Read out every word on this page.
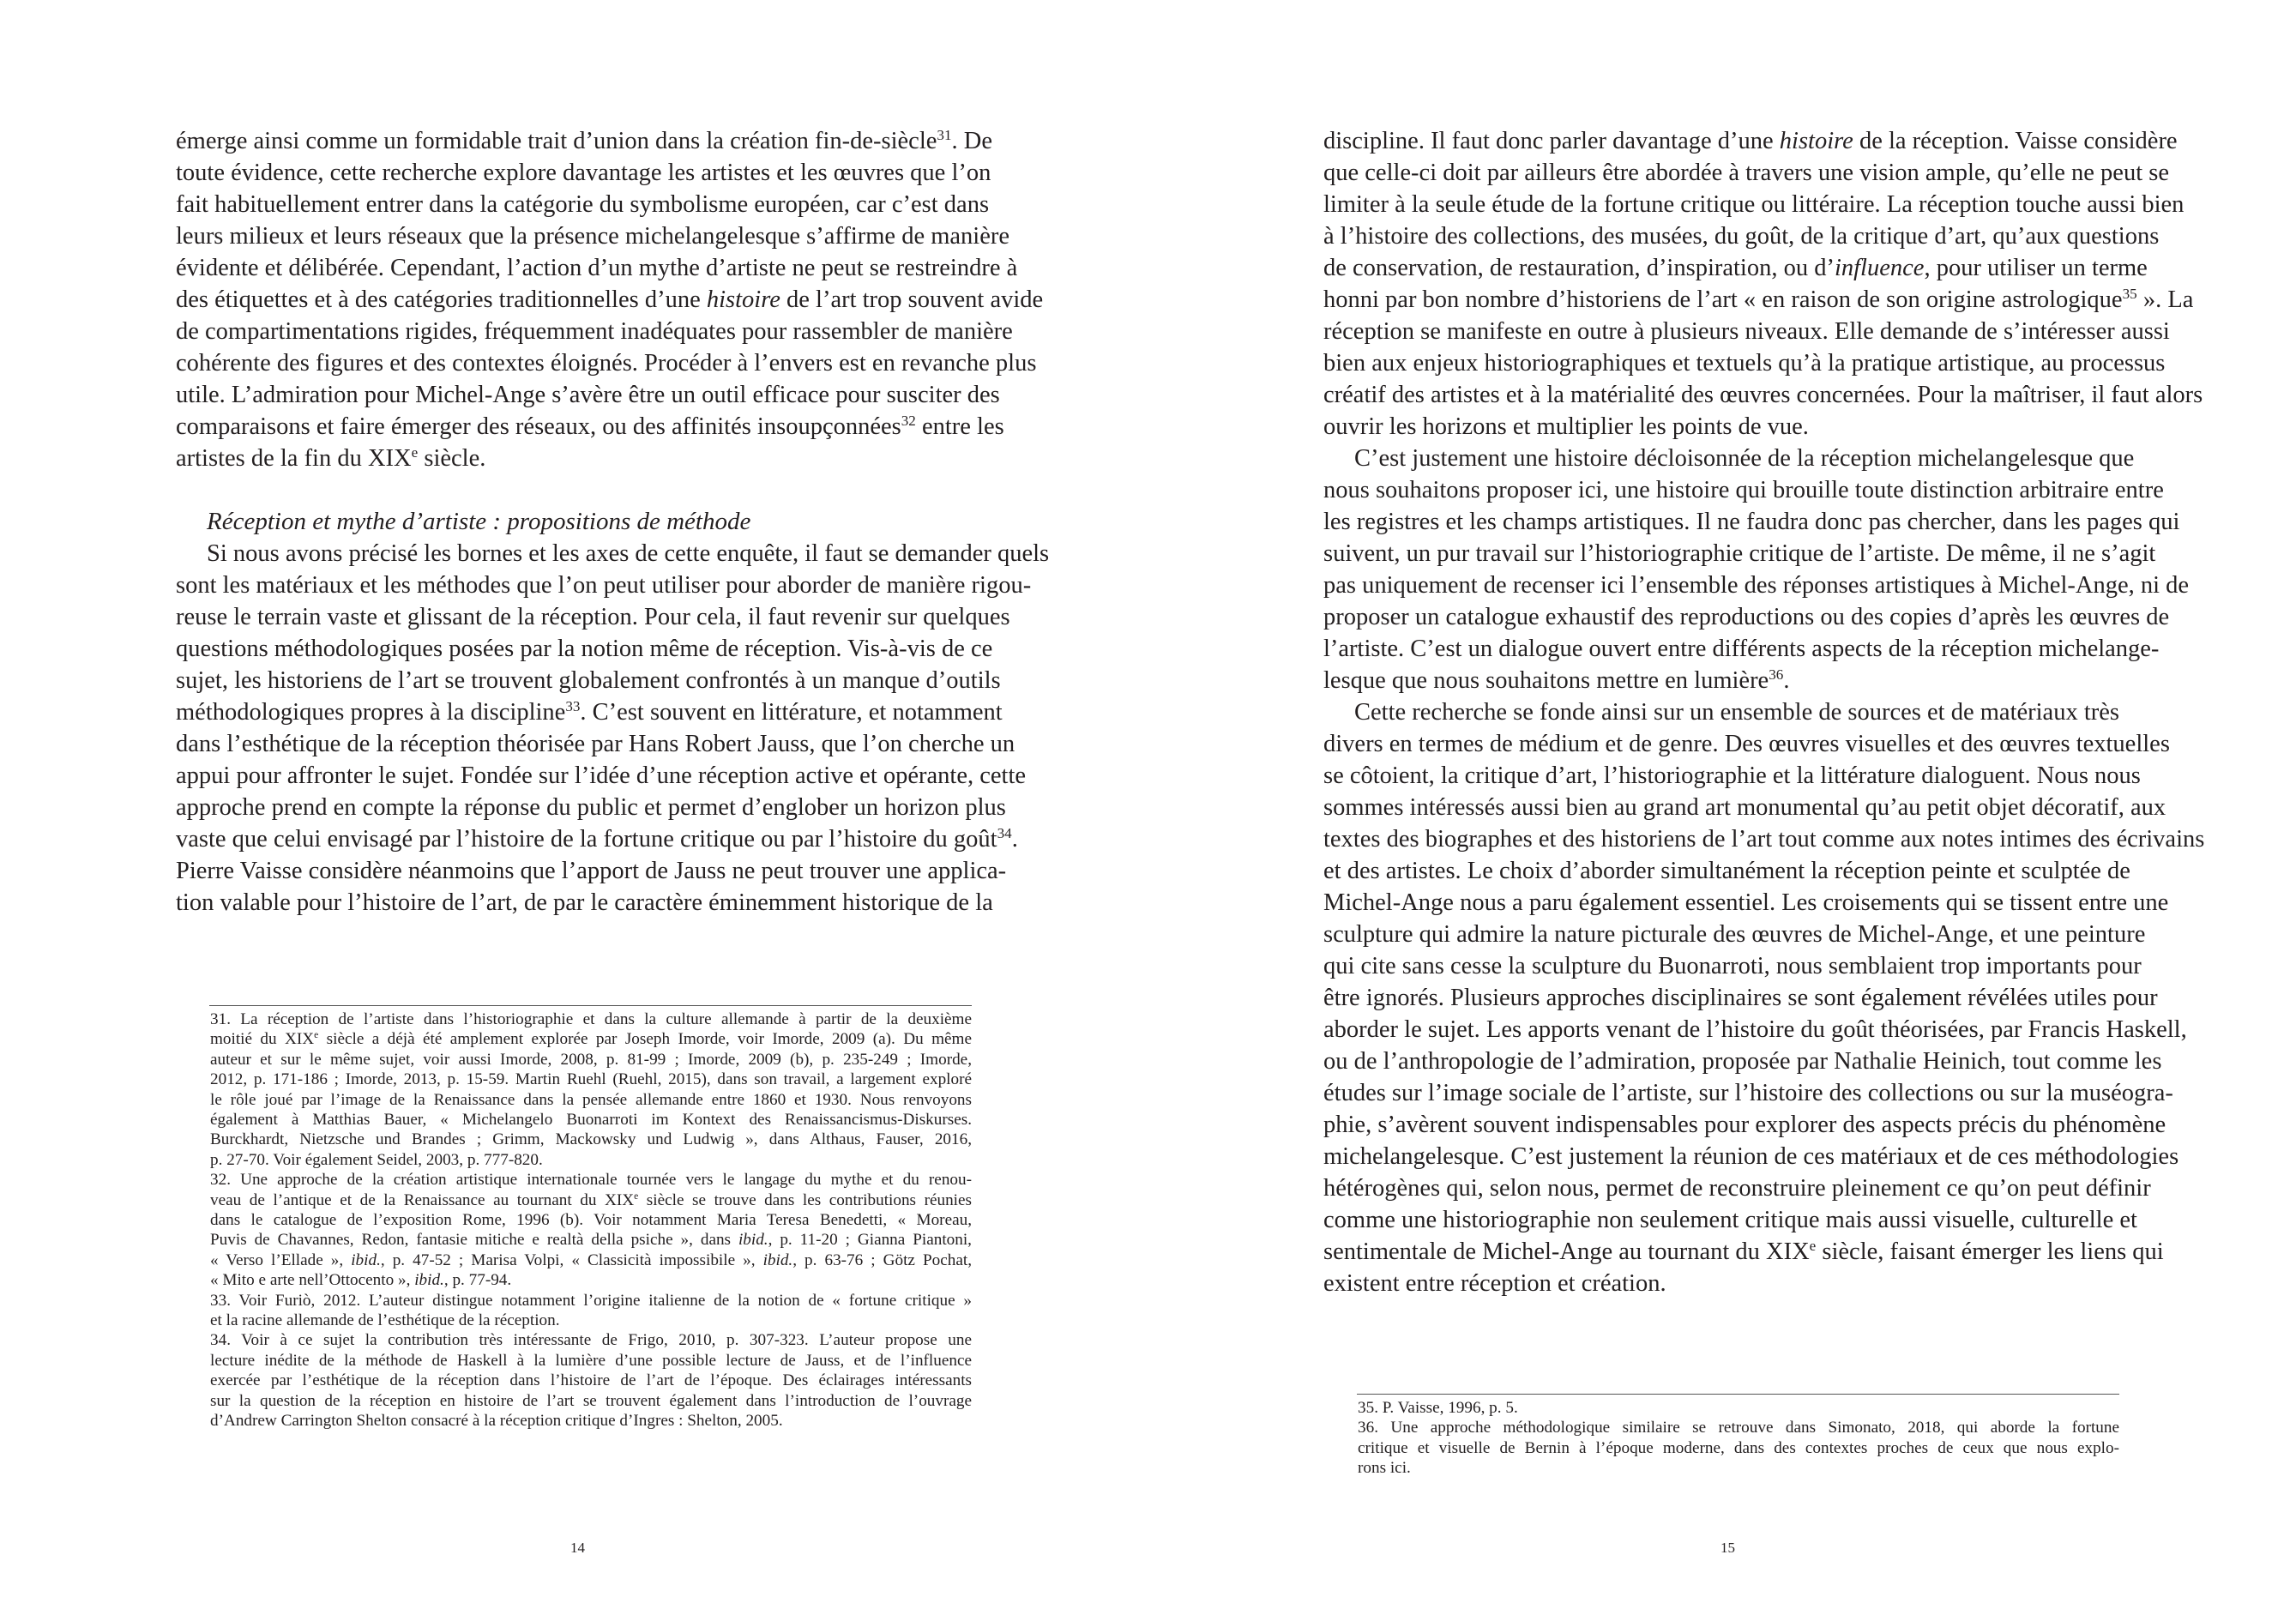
émerge ainsi comme un formidable trait d’union dans la création fin-de-siècle$^{31}$. De
toute évidence, cette recherche explore davantage les artistes et les œuvres que l’on
fait habituellement entrer dans la catégorie du symbolisme européen, car c’est dans
leurs milieux et leurs réseaux que la présence michelangelesque s’affirme de manière
évidente et délibérée. Cependant, l’action d’un mythe d’artiste ne peut se restreindre à
des étiquettes et à des catégories traditionnelles d’une histoire de l’art trop souvent avide
de compartimentations rigides, fréquemment inadéquates pour rassembler de manière
cohérente des figures et des contextes éloignés. Procéder à l’envers est en revanche plus
utile. L’admiration pour Michel-Ange s’avère être un outil efficace pour susciter des
comparaisons et faire émerger des réseaux, ou des affinités insoupçonnées$^{32}$ entre les
artistes de la fin du XIXe siècle.
Réception et mythe d’artiste : propositions de méthode
Si nous avons précisé les bornes et les axes de cette enquête, il faut se demander quels
sont les matériaux et les méthodes que l’on peut utiliser pour aborder de manière rigou-
reuse le terrain vaste et glissant de la réception. Pour cela, il faut revenir sur quelques
questions méthodologiques posées par la notion même de réception. Vis-à-vis de ce
sujet, les historiens de l’art se trouvent globalement confrontés à un manque d’outils
méthodologiques propres à la discipline$^{33}$. C’est souvent en littérature, et notamment
dans l’esthétique de la réception théorisée par Hans Robert Jauss, que l’on cherche un
appui pour affronter le sujet. Fondée sur l’idée d’une réception active et opérante, cette
approche prend en compte la réponse du public et permet d’englober un horizon plus
vaste que celui envisagé par l’histoire de la fortune critique ou par l’histoire du goût$^{34}$.
Pierre Vaisse considère néanmoins que l’apport de Jauss ne peut trouver une applica-
tion valable pour l’histoire de l’art, de par le caractère éminemment historique de la
31. La réception de l’artiste dans l’historiographie et dans la culture allemande à partir de la deuxième
moitié du XIXe siècle a déjà été amplement explorée par Joseph Imorde, voir Imorde, 2009 (a). Du même
auteur et sur le même sujet, voir aussi Imorde, 2008, p. 81-99 ; Imorde, 2009 (b), p. 235-249 ; Imorde,
2012, p. 171-186 ; Imorde, 2013, p. 15-59. Martin Ruehl (Ruehl, 2015), dans son travail, a largement exploré
le rôle joué par l’image de la Renaissance dans la pensée allemande entre 1860 et 1930. Nous renvoyons
également à Matthias Bauer, « Michelangelo Buonarroti im Kontext des Renaissancismus-Diskurses.
Burckhardt, Nietzsche und Brandes ; Grimm, Mackowsky und Ludwig », dans Althaus, Fauser, 2016,
p. 27-70. Voir également Seidel, 2003, p. 777-820.
32. Une approche de la création artistique internationale tournée vers le langage du mythe et du renou-
veau de l’antique et de la Renaissance au tournant du XIXe siècle se trouve dans les contributions réunies
dans le catalogue de l’exposition Rome, 1996 (b). Voir notamment Maria Teresa Benedetti, « Moreau,
Puvis de Chavannes, Redon, fantasie mitiche e realtà della psiche », dans ibid., p. 11-20 ; Gianna Piantoni,
« Verso l’Ellade », ibid., p. 47-52 ; Marisa Volpi, « Classicità impossibile », ibid., p. 63-76 ; Götz Pochat,
« Mito e arte nell’Ottocento », ibid., p. 77-94.
33. Voir Furiò, 2012. L’auteur distingue notamment l’origine italienne de la notion de « fortune critique »
et la racine allemande de l’esthétique de la réception.
34. Voir à ce sujet la contribution très intéressante de Frigo, 2010, p. 307-323. L’auteur propose une
lecture inédite de la méthode de Haskell à la lumière d’une possible lecture de Jauss, et de l’influence
exercée par l’esthétique de la réception dans l’histoire de l’art de l’époque. Des éclairages intéressants
sur la question de la réception en histoire de l’art se trouvent également dans l’introduction de l’ouvrage
d’Andrew Carrington Shelton consacré à la réception critique d’Ingres : Shelton, 2005.
14
discipline. Il faut donc parler davantage d’une histoire de la réception. Vaisse considère
que celle-ci doit par ailleurs être abordée à travers une vision ample, qu’elle ne peut se
limiter à la seule étude de la fortune critique ou littéraire. La réception touche aussi bien
à l’histoire des collections, des musées, du goût, de la critique d’art, qu’aux questions
de conservation, de restauration, d’inspiration, ou d’influence, pour utiliser un terme
honni par bon nombre d’historiens de l’art « en raison de son origine astrologique$^{35}$ ». La
réception se manifeste en outre à plusieurs niveaux. Elle demande de s’intéresser aussi
bien aux enjeux historiographiques et textuels qu’à la pratique artistique, au processus
créatif des artistes et à la matérialité des œuvres concernées. Pour la maîtriser, il faut alors
ouvrir les horizons et multiplier les points de vue.
C’est justement une histoire décloisonnée de la réception michelangelesque que
nous souhaitons proposer ici, une histoire qui brouille toute distinction arbitraire entre
les registres et les champs artistiques. Il ne faudra donc pas chercher, dans les pages qui
suivent, un pur travail sur l’historiographie critique de l’artiste. De même, il ne s’agit
pas uniquement de recenser ici l’ensemble des réponses artistiques à Michel-Ange, ni de
proposer un catalogue exhaustif des reproductions ou des copies d’après les œuvres de
l’artiste. C’est un dialogue ouvert entre différents aspects de la réception michelange-
lesque que nous souhaitons mettre en lumière$^{36}$.
Cette recherche se fonde ainsi sur un ensemble de sources et de matériaux très
divers en termes de médium et de genre. Des œuvres visuelles et des œuvres textuelles
se côtoient, la critique d’art, l’historiographie et la littérature dialoguent. Nous nous
sommes intéressés aussi bien au grand art monumental qu’au petit objet décoratif, aux
textes des biographes et des historiens de l’art tout comme aux notes intimes des écrivains
et des artistes. Le choix d’aborder simultanément la réception peinte et sculptée de
Michel-Ange nous a paru également essentiel. Les croisements qui se tissent entre une
sculpture qui admire la nature picturale des œuvres de Michel-Ange, et une peinture
qui cite sans cesse la sculpture du Buonarroti, nous semblaient trop importants pour
être ignorés. Plusieurs approches disciplinaires se sont également révélées utiles pour
aborder le sujet. Les apports venant de l’histoire du goût théorisées, par Francis Haskell,
ou de l’anthropologie de l’admiration, proposée par Nathalie Heinich, tout comme les
études sur l’image sociale de l’artiste, sur l’histoire des collections ou sur la muséogra-
phie, s’avèrent souvent indispensables pour explorer des aspects précis du phénomène
michelangelesque. C’est justement la réunion de ces matériaux et de ces méthodologies
hétérogènes qui, selon nous, permet de reconstruire pleinement ce qu’on peut définir
comme une historiographie non seulement critique mais aussi visuelle, culturelle et
sentimentale de Michel-Ange au tournant du XIXe siècle, faisant émerger les liens qui
existent entre réception et création.
35. P. Vaisse, 1996, p. 5.
36. Une approche méthodologique similaire se retrouve dans Simonato, 2018, qui aborde la fortune
critique et visuelle de Bernin à l’époque moderne, dans des contextes proches de ceux que nous explo-
rons ici.
15
